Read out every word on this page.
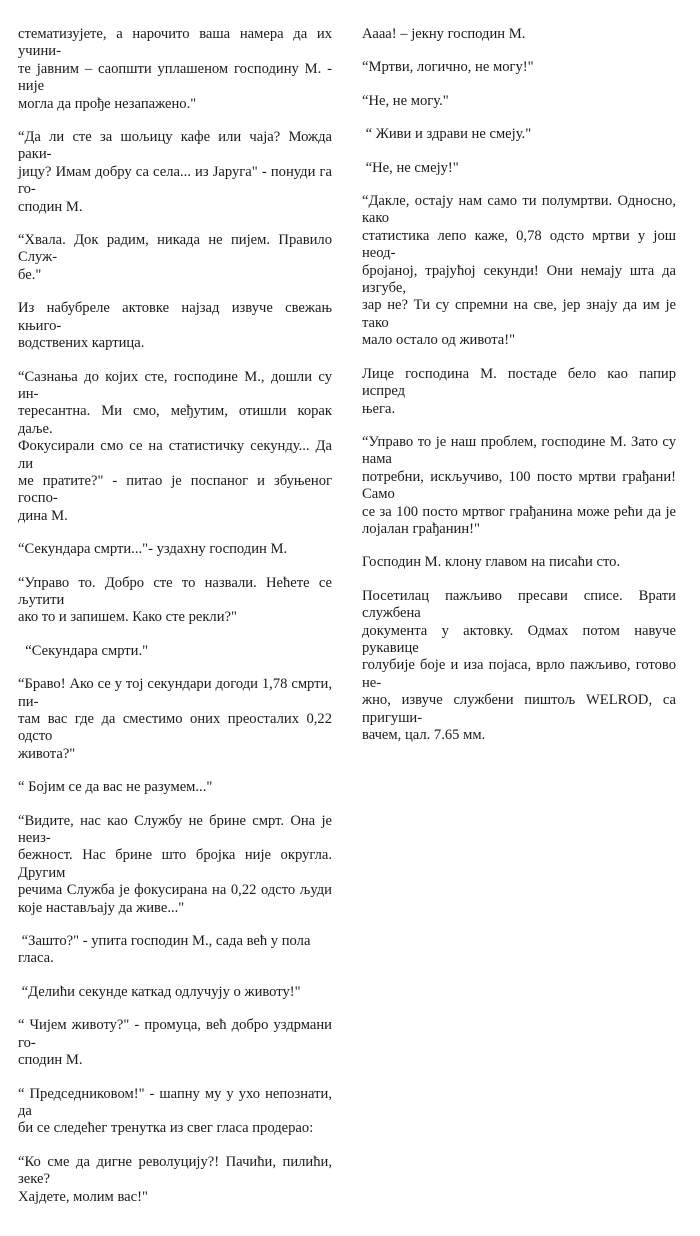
стематизујете, а нарочито ваша намера да их учини-
те јавним – саопшти уплашеном господину М. - није
могла да прође незапажено."
“Да ли сте за шољицу кафе или чаја? Можда раки-
јицу? Имам добру са села... из Јаруга" - понуди га го-
сподин М.
“Хвала. Док радим, никада не пијем. Правило Служ-
бе."
Из набубреле актовке најзад извуче свежањ књиго-
водствених картица.
“Сазнања до којих сте, господине М., дошли су ин-
тересантна. Ми смо, међутим, отишли корак даље.
Фокусирали смо се на статистичку секунду... Да ли
ме пратите?" - питао је поспаног и збуњеног госпо-
дина М.
“Секундара смрти..."- уздахну господин М.
“Управо то. Добро сте то назвали. Нећете се љутити
ако то и запишем. Како сте рекли?"
“Секундара смрти."
“Браво! Ако се у тој секундари догоди 1,78 смрти, пи-
там вас где да сместимо оних преосталих 0,22 одсто
живота?"
“ Бојим се да вас не разумем..."
“Видите, нас као Службу не брине смрт. Она је неиз-
бежност. Нас брине што бројка није округла. Другим
речима Служба је фокусирана на 0,22 одсто људи
које настављају да живе..."
“Зашто?" - упита господин М., сада већ у пола гласа.
“Делићи секунде каткад одлучују о животу!"
“ Чијем животу?" - промуца, већ добро уздрмани го-
сподин М.
“ Председниковом!" - шапну му у ухо непознати, да
би се следећег тренутка из свег гласа продерао:
“Ко сме да дигне револуцију?! Пачићи, пилићи, зеке?
Хајдете, молим вас!"
Аааа! – јекну господин М.
“Мртви, логично, не могу!"
“Не, не могу."
“ Живи и здрави не смеју."
“Не, не смеју!"
“Дакле, остају нам само ти полумртви. Односно, како
статистика лепо каже, 0,78 одсто мртви у још неод-
бројаној, трајућој секунди! Они немају шта да изгубе,
зар не? Ти су спремни на све, јер знају да им је тако
мало остало од живота!"
Лице господина М. постаде бело као папир испред
њега.
“Управо то је наш проблем, господине М. Зато су нама
потребни, искључиво, 100 посто мртви грађани! Само
се за 100 посто мртвог грађанина може рећи да је
лојалан грађанин!"
Господин М. клону главом на писаћи сто.
Посетилац пажљиво пресави списе. Врати службена
документа у актовку. Одмах потом навуче рукавице
голубије боје и иза појаса, врло пажљиво, готово не-
жно, извуче службени пиштољ WELROD, са пригуши-
вачем, цал. 7.65 мм.
